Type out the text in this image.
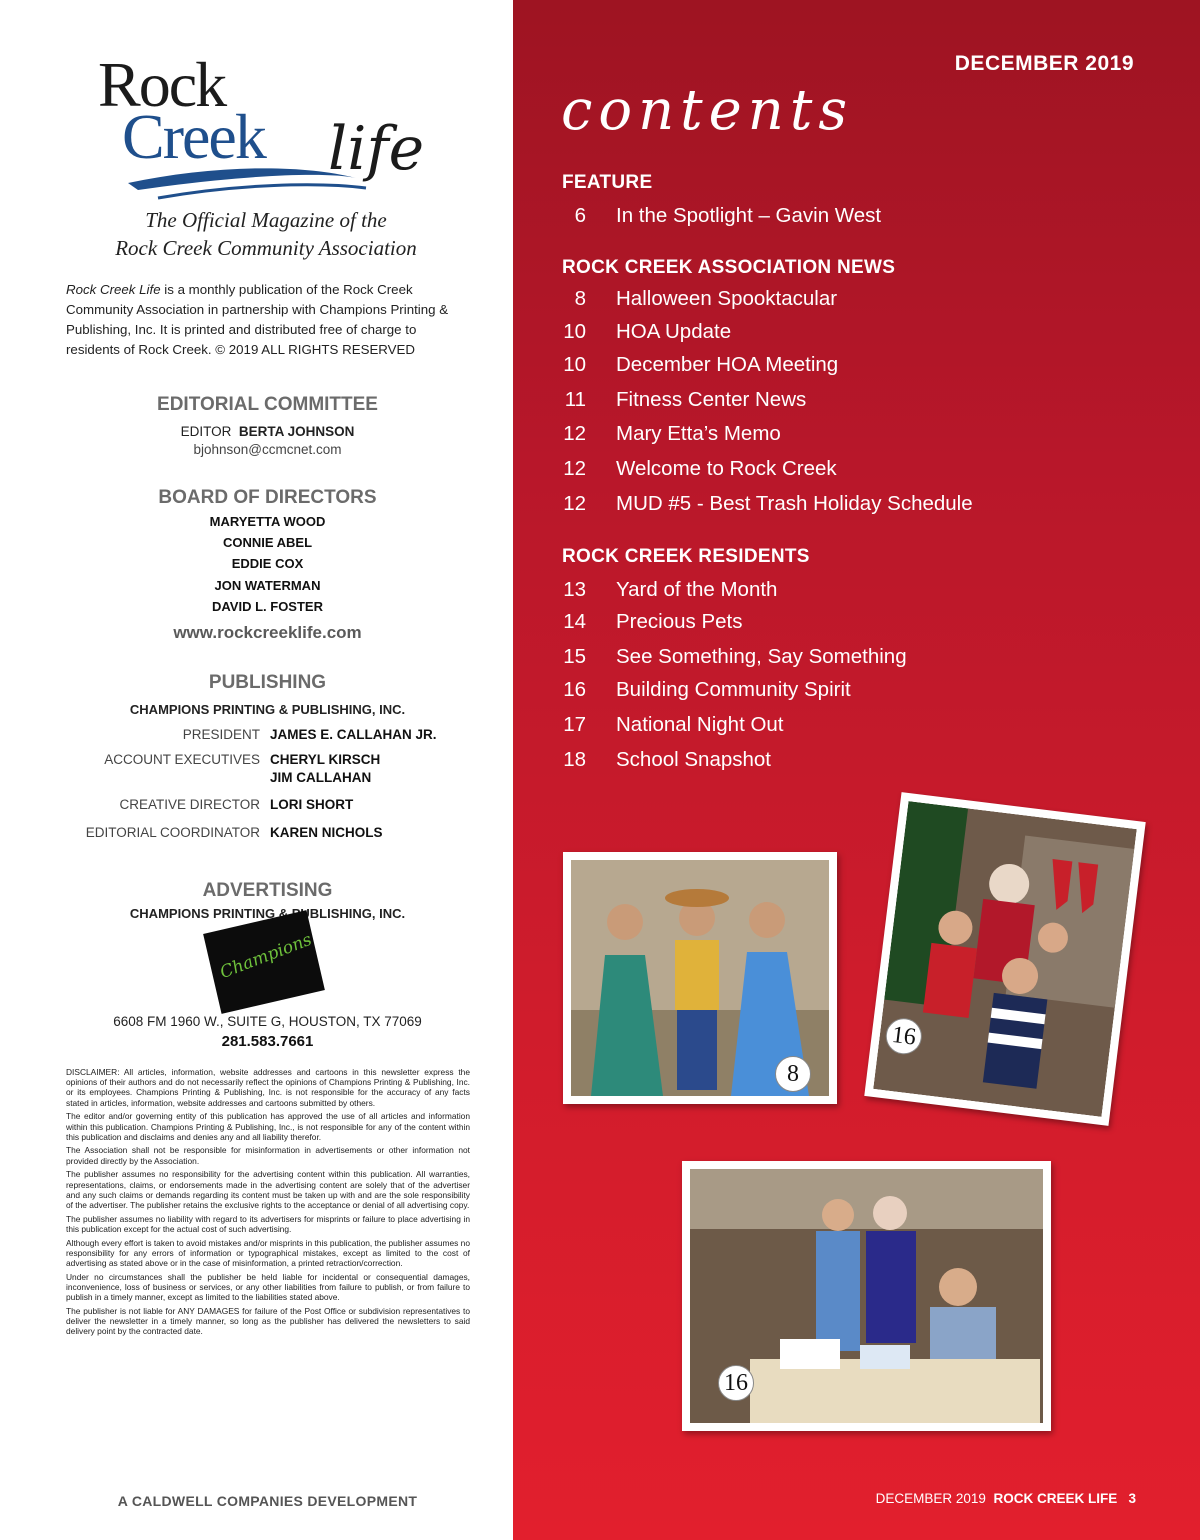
Rock
Creek life
The Official Magazine of the
Rock Creek Community Association
Rock Creek Life is a monthly publication of the Rock Creek Community Association in partnership with Champions Printing & Publishing, Inc. It is printed and distributed free of charge to residents of Rock Creek. © 2019 ALL RIGHTS RESERVED
EDITORIAL COMMITTEE
EDITOR BERTA JOHNSON
bjohnson@ccmcnet.com
BOARD OF DIRECTORS
MARYETTA WOOD
CONNIE ABEL
EDDIE COX
JON WATERMAN
DAVID L. FOSTER
www.rockcreeklife.com
PUBLISHING
CHAMPIONS PRINTING & PUBLISHING, INC.
PRESIDENT JAMES E. CALLAHAN JR.
ACCOUNT EXECUTIVES CHERYL KIRSCH
JIM CALLAHAN
CREATIVE DIRECTOR LORI SHORT
EDITORIAL COORDINATOR KAREN NICHOLS
ADVERTISING
CHAMPIONS PRINTING & PUBLISHING, INC.
Champions
6608 FM 1960 W., SUITE G, HOUSTON, TX 77069
281.583.7661

DISCLAIMER: All articles, information, website addresses and cartoons in this newsletter express the opinions of their authors and do not necessarily reflect the opinions of Champions Printing & Publishing, Inc. or its employees. Champions Printing & Publishing, Inc. is not responsible for the accuracy of any facts stated in articles, information, website addresses and cartoons submitted by others.

The editor and/or governing entity of this publication has approved the use of all articles and information within this publication. Champions Printing & Publishing, Inc., is not responsible for any of the content within this publication and disclaims and denies any and all liability therefor.

The Association shall not be responsible for misinformation in advertisements or other information not provided directly by the Association.

The publisher assumes no responsibility for the advertising content within this publication. All warranties, representations, claims, or endorsements made in the advertising content are solely that of the advertiser and any such claims or demands regarding its content must be taken up with and are the sole responsibility of the advertiser. The publisher retains the exclusive rights to the acceptance or denial of all advertising copy.

The publisher assumes no liability with regard to its advertisers for misprints or failure to place advertising in this publication except for the actual cost of such advertising.

Although every effort is taken to avoid mistakes and/or misprints in this publication, the publisher assumes no responsibility for any errors of information or typographical mistakes, except as limited to the cost of advertising as stated above or in the case of misinformation, a printed retraction/correction.

Under no circumstances shall the publisher be held liable for incidental or consequential damages, inconvenience, loss of business or services, or any other liabilities from failure to publish, or from failure to publish in a timely manner, except as limited to the liabilities stated above.

The publisher is not liable for ANY DAMAGES for failure of the Post Office or subdivision representatives to deliver the newsletter in a timely manner, so long as the publisher has delivered the newsletters to said delivery point by the contracted date.

A CALDWELL COMPANIES DEVELOPMENT
DECEMBER 2019
contents
FEATURE
6 In the Spotlight – Gavin West
ROCK CREEK ASSOCIATION NEWS
8 Halloween Spooktacular
10 HOA Update
10 December HOA Meeting
11 Fitness Center News
12 Mary Etta’s Memo
12 Welcome to Rock Creek
12 MUD #5 - Best Trash Holiday Schedule
ROCK CREEK RESIDENTS
13 Yard of the Month
14 Precious Pets
15 See Something, Say Something
16 Building Community Spirit
17 National Night Out
18 School Snapshot
8
16
16
DECEMBER 2019 ROCK CREEK LIFE 3
